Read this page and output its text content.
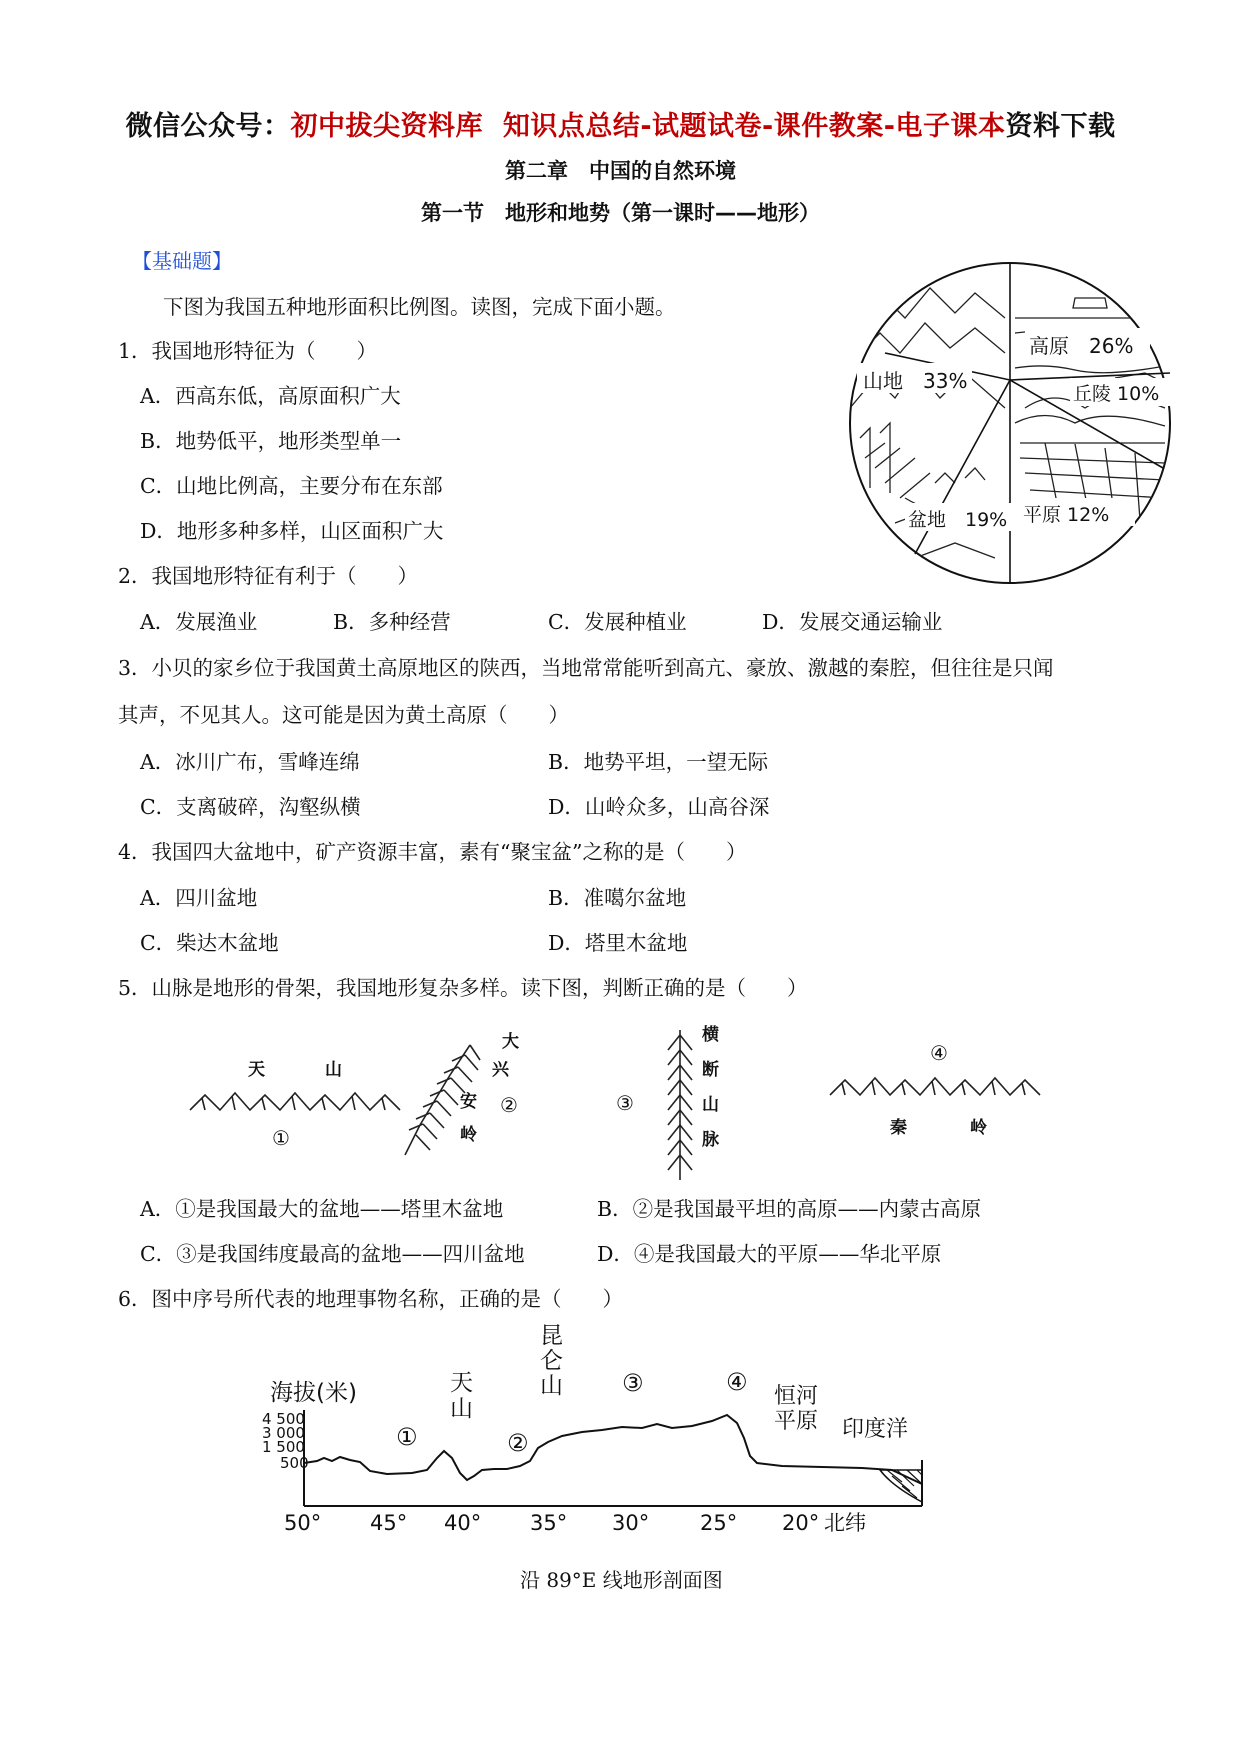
微信公众号：初中拔尖资料库 知识点总结-试题试卷-课件教案-电子课本资料下载
第二章　中国的自然环境
第一节　地形和地势（第一课时——地形）
【基础题】
下图为我国五种地形面积比例图。读图，完成下面小题。
1．我国地形特征为（　　）
A．西高东低，高原面积广大
B．地势低平，地形类型单一
C．山地比例高，主要分布在东部
D．地形多种多样，山区面积广大
2．我国地形特征有利于（　　）
A．发展渔业	B．多种经营	C．发展种植业	D．发展交通运输业
3．小贝的家乡位于我国黄土高原地区的陕西，当地常常能听到高亢、豪放、激越的秦腔，但往往是只闻
其声，不见其人。这可能是因为黄土高原（　　）
A．冰川广布，雪峰连绵	B．地势平坦，一望无际
C．支离破碎，沟壑纵横	D．山岭众多，山高谷深
4．我国四大盆地中，矿产资源丰富，素有“聚宝盆”之称的是（　　）
A．四川盆地	B．准噶尔盆地
C．柴达木盆地	D．塔里木盆地
5．山脉是地形的骨架，我国地形复杂多样。读下图，判断正确的是（　　）
A．①是我国最大的盆地——塔里木盆地	B．②是我国最平坦的高原——内蒙古高原
C．③是我国纬度最高的盆地——四川盆地	D．④是我国最大的平原——华北平原
6．图中序号所代表的地理事物名称，正确的是（　　）
山地　33%
高原　26%
丘陵 10%
盆地　19% 平原 12%
天	山
①
大
兴
安
岭
②
横
断
山
脉
③
④
秦	岭
海拔(米)
4 500
3 000
1 500
500
天
山
昆
仑
山
①	②
③	④
恒河
平原 印度洋
50° 45° 40° 35° 30° 25° 20° 北纬
沿 89°E 线地形剖面图
